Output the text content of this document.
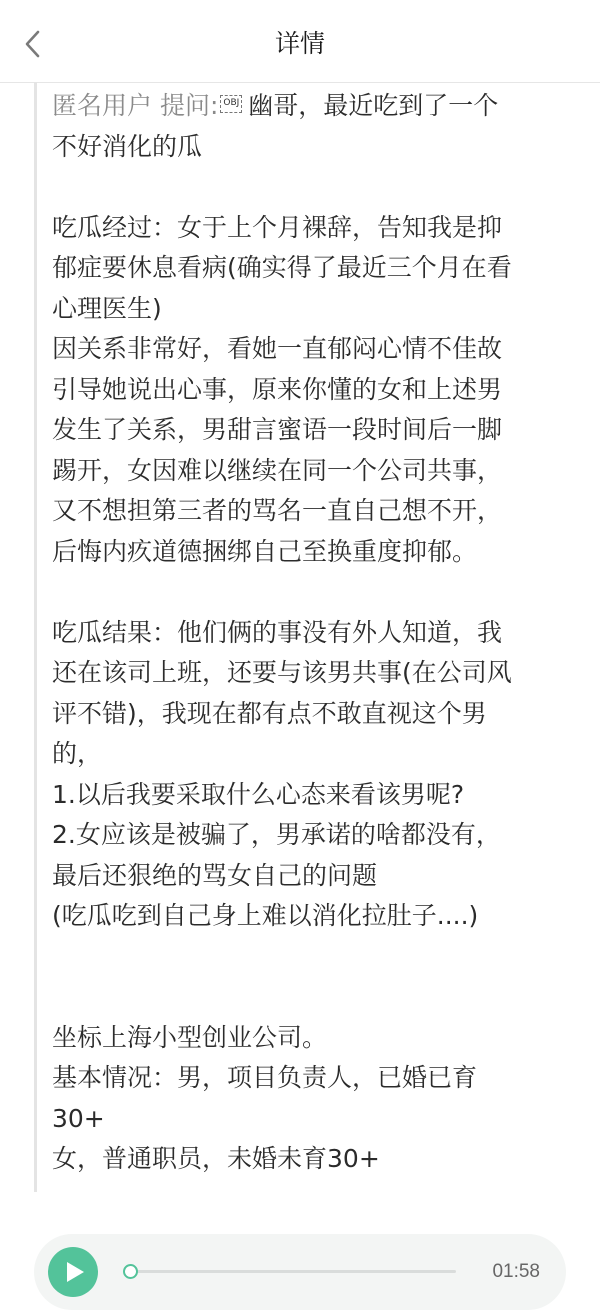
详情
匿名用户 提问: OBJ 幽哥，最近吃到了一个
不好消化的瓜
吃瓜经过：女于上个月裸辞，告知我是抑
郁症要休息看病(确实得了最近三个月在看
心理医生)
因关系非常好，看她一直郁闷心情不佳故
引导她说出心事，原来你懂的女和上述男
发生了关系，男甜言蜜语一段时间后一脚
踢开，女因难以继续在同一个公司共事，
又不想担第三者的骂名一直自己想不开，
后悔内疚道德捆绑自己至换重度抑郁。
吃瓜结果：他们俩的事没有外人知道，我
还在该司上班，还要与该男共事(在公司风
评不错)，我现在都有点不敢直视这个男
的，
1.以后我要采取什么心态来看该男呢?
2.女应该是被骗了，男承诺的啥都没有，
最后还狠绝的骂女自己的问题
(吃瓜吃到自己身上难以消化拉肚子....)
坐标上海小型创业公司。
基本情况：男，项目负责人，已婚已育
30+
女，普通职员，未婚未育30+
01:58
